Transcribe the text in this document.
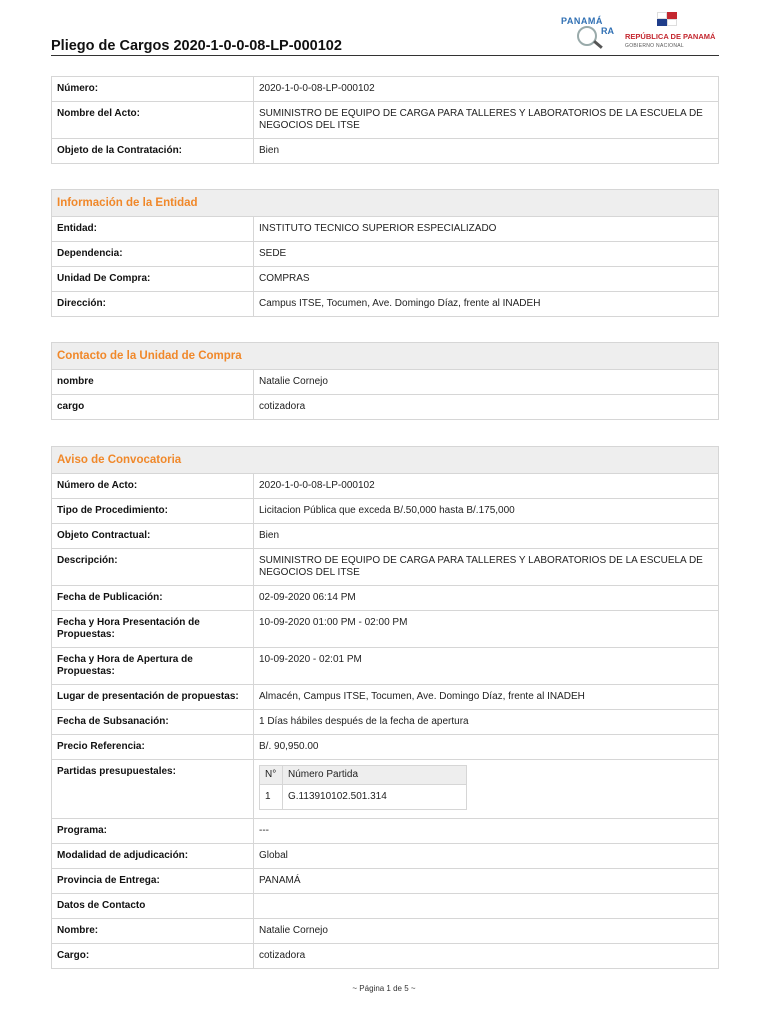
Pliego de Cargos 2020-1-0-0-08-LP-000102
PANAMÁ
RA
REPÚBLICA DE PANAMÁ
GOBIERNO NACIONAL
Número:	2020-1-0-0-08-LP-000102
Nombre del Acto:	SUMINISTRO DE EQUIPO DE CARGA PARA TALLERES Y LABORATORIOS DE LA ESCUELA DE NEGOCIOS DEL ITSE
Objeto de la Contratación:	Bien
Información de la Entidad	
Entidad:	INSTITUTO TECNICO SUPERIOR ESPECIALIZADO
Dependencia:	SEDE
Unidad De Compra:	COMPRAS
Dirección:	Campus ITSE, Tocumen, Ave. Domingo Díaz, frente al INADEH
Contacto de la Unidad de Compra	
nombre	Natalie Cornejo
cargo	cotizadora
Aviso de Convocatoria
Número de Acto:	2020-1-0-0-08-LP-000102
Tipo de Procedimiento:	Licitacion Pública que exceda B/.50,000 hasta B/.175,000
Objeto Contractual:	Bien
Descripción:	SUMINISTRO DE EQUIPO DE CARGA PARA TALLERES Y LABORATORIOS DE LA ESCUELA DE NEGOCIOS DEL ITSE
Fecha de Publicación:	02-09-2020 06:14 PM
Fecha y Hora Presentación de Propuestas:	10-09-2020 01:00 PM - 02:00 PM
Fecha y Hora de Apertura de Propuestas:	10-09-2020 - 02:01 PM
Lugar de presentación de propuestas:	Almacén, Campus ITSE, Tocumen, Ave. Domingo Díaz, frente al INADEH
Fecha de Subsanación:	1 Días hábiles después de la fecha de apertura
Precio Referencia:	B/. 90,950.00
Partidas presupuestales:		N°	Número Partida
1	G.113910102.501.314

Programa:	---
Modalidad de adjudicación:	Global
Provincia de Entrega:	PANAMÁ
Datos de Contacto	
Nombre:	Natalie Cornejo
Cargo:	cotizadora
~ Página 1 de 5 ~
